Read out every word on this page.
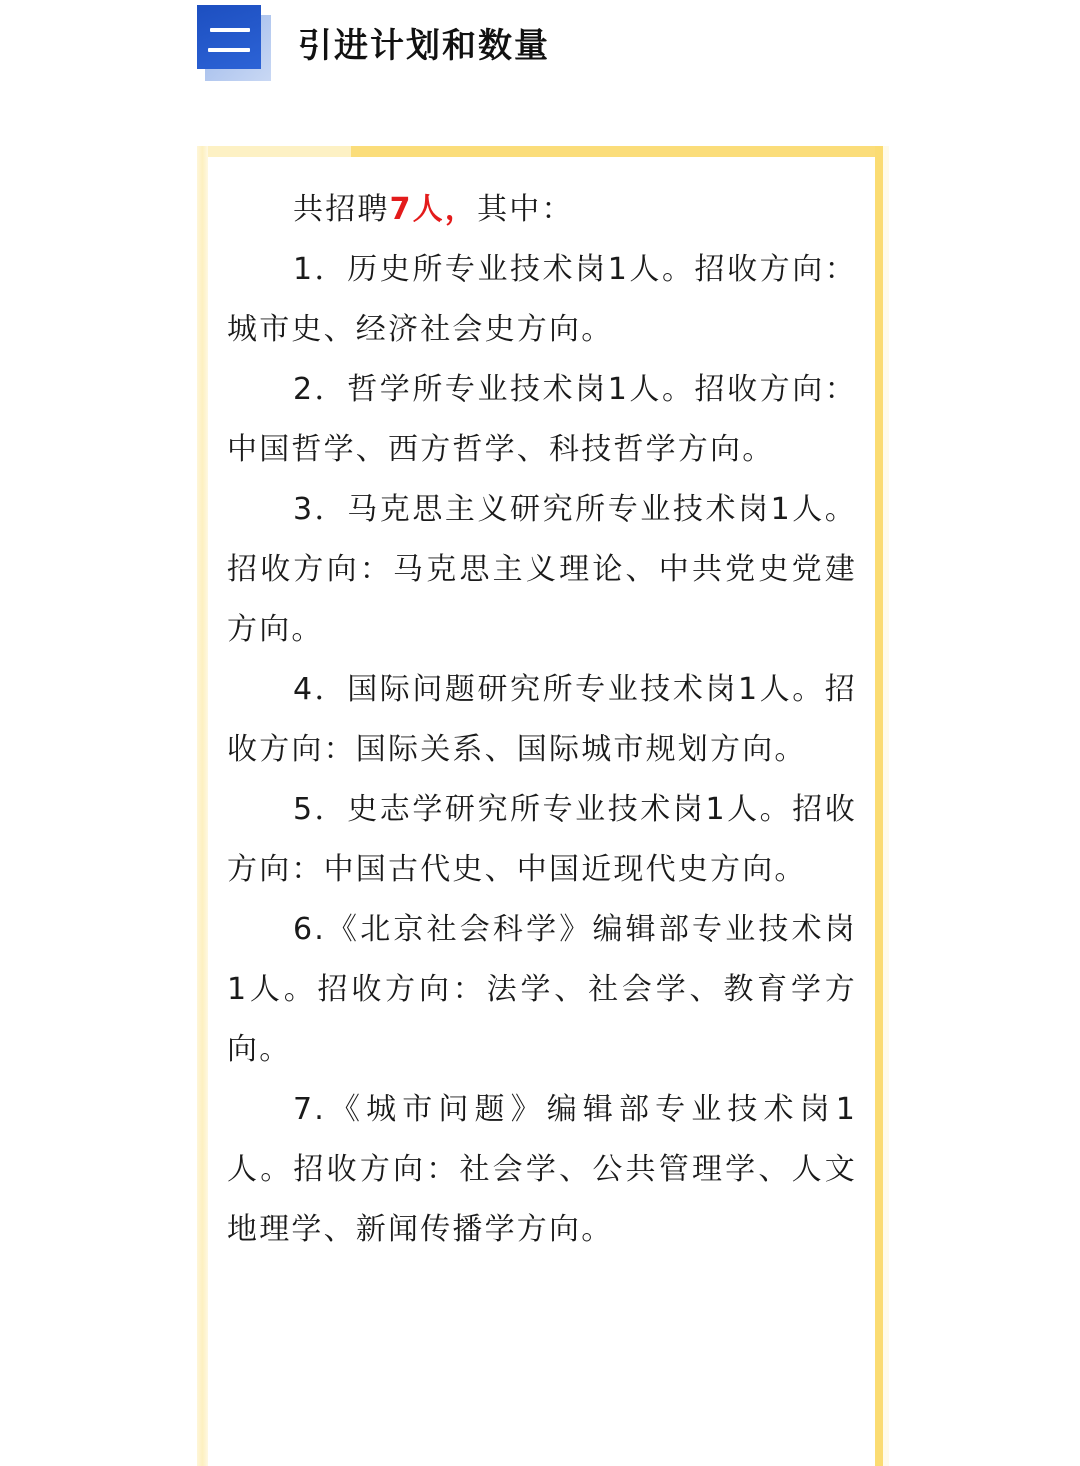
引进计划和数量

共招聘7人，其中：

1．历史所专业技术岗1人。招收方向：城市史、经济社会史方向。

2．哲学所专业技术岗1人。招收方向：中国哲学、西方哲学、科技哲学方向。

3．马克思主义研究所专业技术岗1人。招收方向：马克思主义理论、中共党史党建方向。

4．国际问题研究所专业技术岗1人。招收方向：国际关系、国际城市规划方向。

5．史志学研究所专业技术岗1人。招收方向：中国古代史、中国近现代史方向。

6.《北京社会科学》编辑部专业技术岗1人。招收方向：法学、社会学、教育学方向。

7.《城市问题》编辑部专业技术岗1人。招收方向：社会学、公共管理学、人文地理学、新闻传播学方向。
